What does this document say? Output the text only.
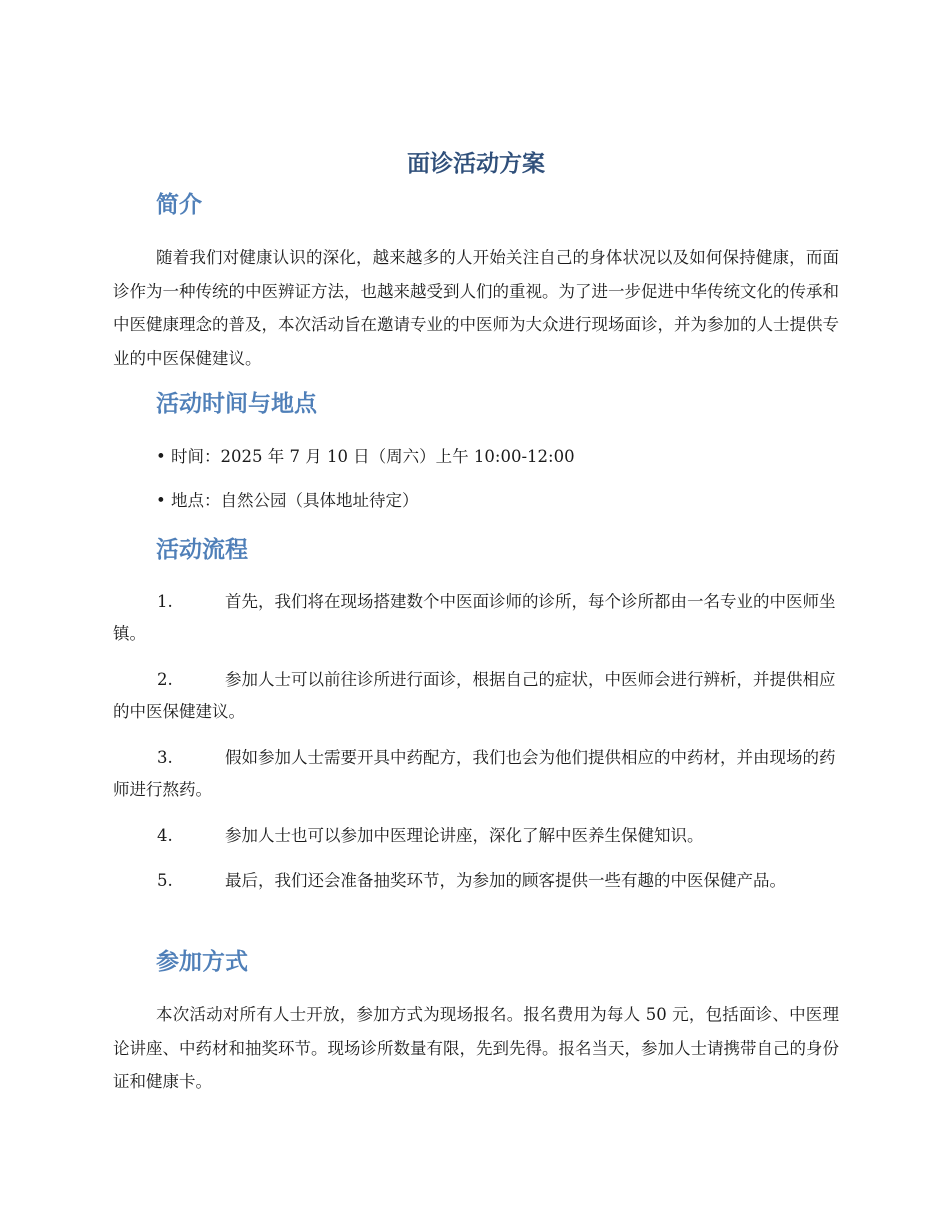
面诊活动方案
简介

随着我们对健康认识的深化，越来越多的人开始关注自己的身体状况以及如何保持健康，而面诊作为一种传统的中医辨证方法，也越来越受到人们的重视。为了进一步促进中华传统文化的传承和中医健康理念的普及，本次活动旨在邀请专业的中医师为大众进行现场面诊，并为参加的人士提供专业的中医保健建议。

活动时间与地点

• 时间：2025 年 7 月 10 日（周六）上午 10:00-12:00

• 地点：自然公园（具体地址待定）

活动流程

1.	首先，我们将在现场搭建数个中医面诊师的诊所，每个诊所都由一名专业的中医师坐镇。

2.	参加人士可以前往诊所进行面诊，根据自己的症状，中医师会进行辨析，并提供相应的中医保健建议。

3.	假如参加人士需要开具中药配方，我们也会为他们提供相应的中药材，并由现场的药师进行熬药。

4.	参加人士也可以参加中医理论讲座，深化了解中医养生保健知识。

5.	最后，我们还会准备抽奖环节，为参加的顾客提供一些有趣的中医保健产品。

参加方式

本次活动对所有人士开放，参加方式为现场报名。报名费用为每人 50 元，包括面诊、中医理论讲座、中药材和抽奖环节。现场诊所数量有限，先到先得。报名当天，参加人士请携带自己的身份证和健康卡。
